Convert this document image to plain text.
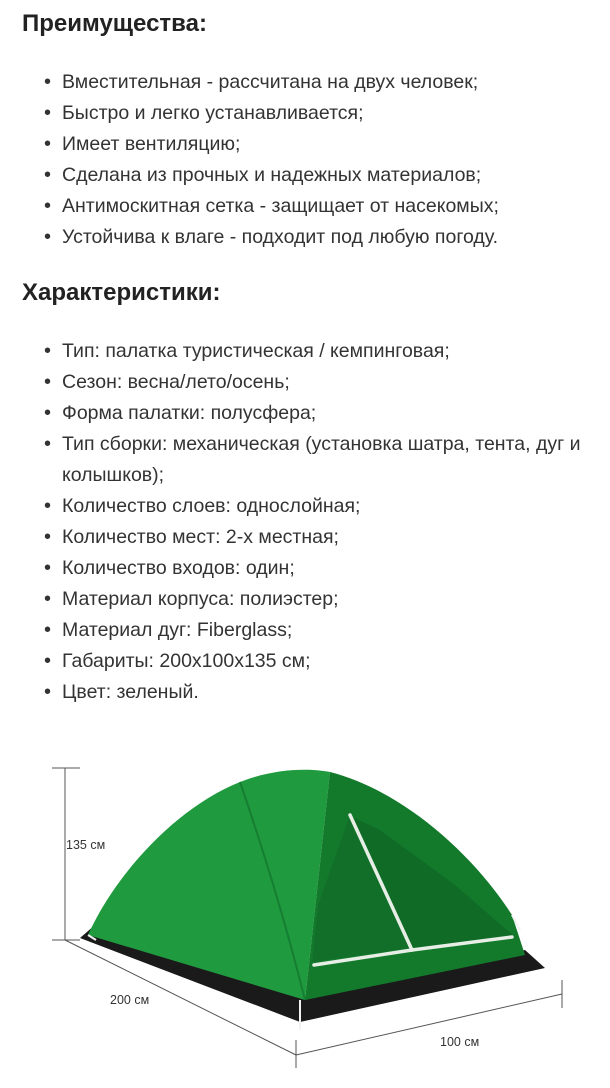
Преимущества:
• Вместительная - рассчитана на двух человек;
• Быстро и легко устанавливается;
• Имеет вентиляцию;
• Сделана из прочных и надежных материалов;
• Антимоскитная сетка - защищает от насекомых;
• Устойчива к влаге - подходит под любую погоду.
Характеристики:
• Тип: палатка туристическая / кемпинговая;
• Сезон: весна/лето/осень;
• Форма палатки: полусфера;
• Тип сборки: механическая (установка шатра, тента, дуг и колышков);
• Количество слоев: однослойная;
• Количество мест: 2-х местная;
• Количество входов: один;
• Материал корпуса: полиэстер;
• Материал дуг: Fiberglass;
• Габариты: 200х100х135 см;
• Цвет: зеленый.
135 см
200 см
100 см
